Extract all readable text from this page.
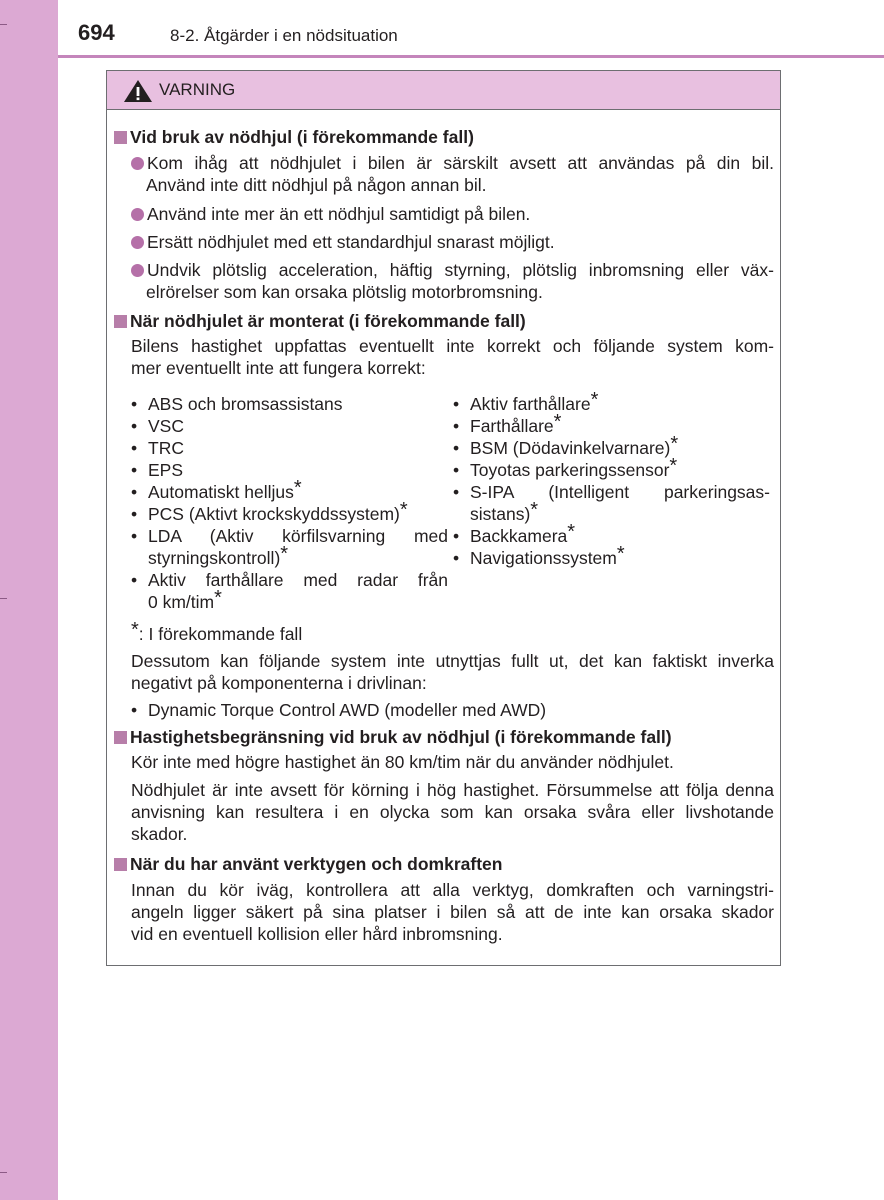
694	8-2. Åtgärder i en nödsituation
VARNING
Vid bruk av nödhjul (i förekommande fall)
Kom ihåg att nödhjulet i bilen är särskilt avsett att användas på din bil.
Använd inte ditt nödhjul på någon annan bil.
Använd inte mer än ett nödhjul samtidigt på bilen.
Ersätt nödhjulet med ett standardhjul snarast möjligt.
Undvik plötslig acceleration, häftig styrning, plötslig inbromsning eller väx-
elrörelser som kan orsaka plötslig motorbromsning.
När nödhjulet är monterat (i förekommande fall)
Bilens hastighet uppfattas eventuellt inte korrekt och följande system kom-
mer eventuellt inte att fungera korrekt:
• ABS och bromsassistans
• VSC
• TRC
• EPS
• Automatiskt helljus*
• PCS (Aktivt krockskyddssystem)*
• LDA (Aktiv körfilsvarning med
styrningskontroll)*
• Aktiv farthållare med radar från
0 km/tim*
• Aktiv farthållare*
• Farthållare*
• BSM (Dödavinkelvarnare)*
• Toyotas parkeringssensor*
• S-IPA (Intelligent parkeringsas-
sistans)*
• Backkamera*
• Navigationssystem*
*: I förekommande fall
Dessutom kan följande system inte utnyttjas fullt ut, det kan faktiskt inverka
negativt på komponenterna i drivlinan:
• Dynamic Torque Control AWD (modeller med AWD)
Hastighetsbegränsning vid bruk av nödhjul (i förekommande fall)
Kör inte med högre hastighet än 80 km/tim när du använder nödhjulet.
Nödhjulet är inte avsett för körning i hög hastighet. Försummelse att följa denna
anvisning kan resultera i en olycka som kan orsaka svåra eller livshotande
skador.
När du har använt verktygen och domkraften
Innan du kör iväg, kontrollera att alla verktyg, domkraften och varningstri-
angeln ligger säkert på sina platser i bilen så att de inte kan orsaka skador
vid en eventuell kollision eller hård inbromsning.
